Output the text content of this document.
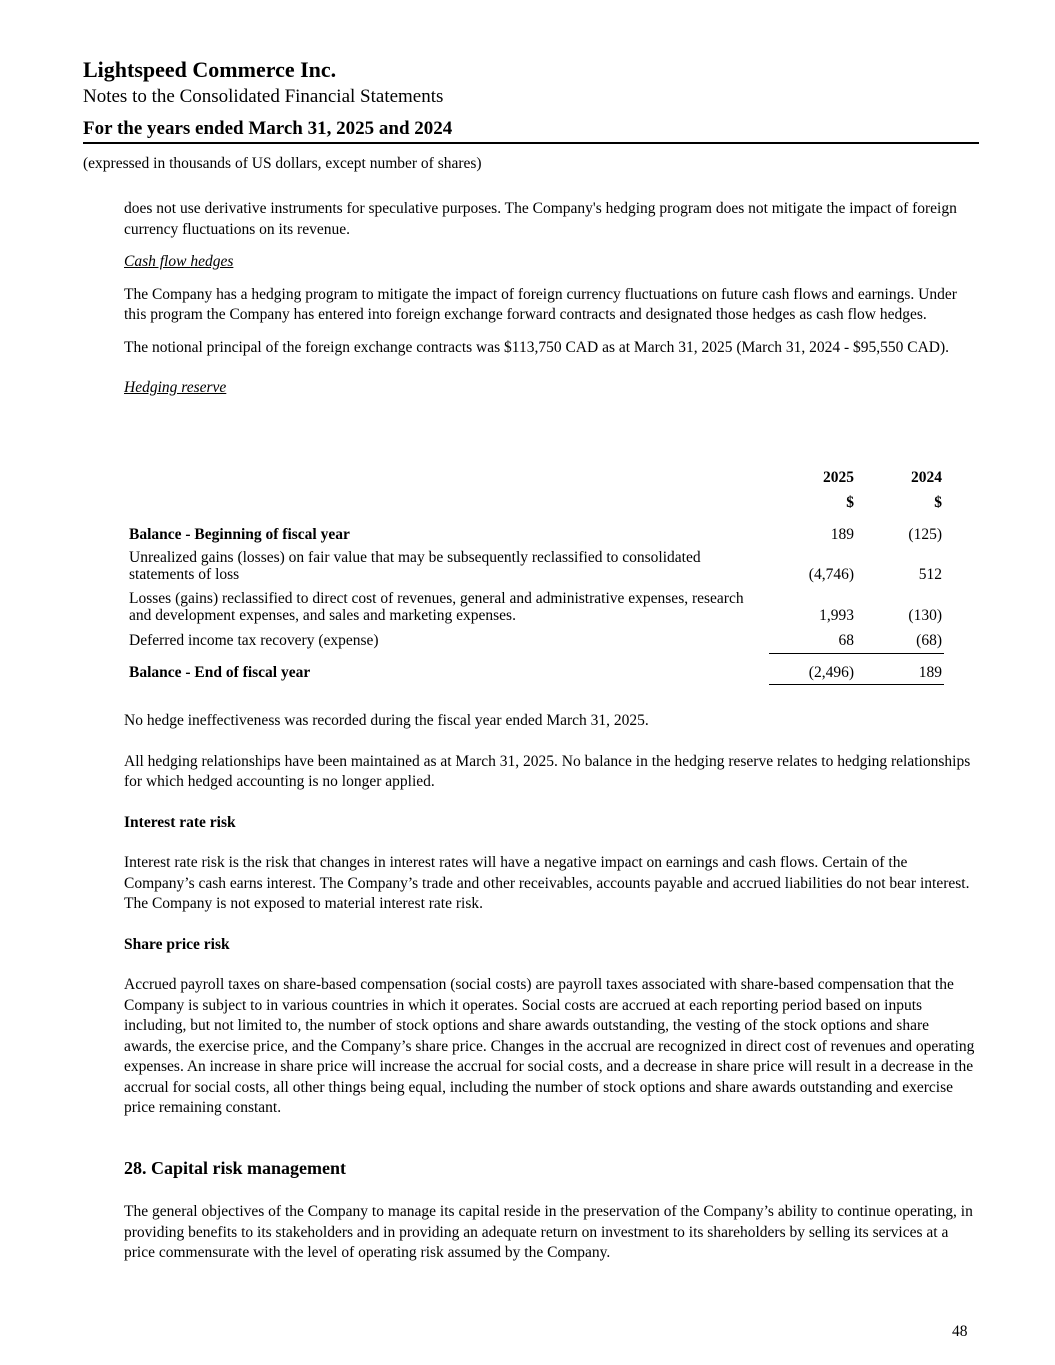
Lightspeed Commerce Inc.
Notes to the Consolidated Financial Statements
For the years ended March 31, 2025 and 2024
(expressed in thousands of US dollars, except number of shares)

does not use derivative instruments for speculative purposes. The Company's hedging program does not mitigate the impact of foreign currency fluctuations on its revenue.

Cash flow hedges

The Company has a hedging program to mitigate the impact of foreign currency fluctuations on future cash flows and earnings. Under this program the Company has entered into foreign exchange forward contracts and designated those hedges as cash flow hedges.

The notional principal of the foreign exchange contracts was $113,750 CAD as at March 31, 2025 (March 31, 2024 - $95,550 CAD).

Hedging reserve

2025	2024
$	$
Balance - Beginning of fiscal year	189	(125)
Unrealized gains (losses) on fair value that may be subsequently reclassified to consolidated statements of loss	(4,746)	512
Losses (gains) reclassified to direct cost of revenues, general and administrative expenses, research and development expenses, and sales and marketing expenses.	1,993	(130)
Deferred income tax recovery (expense)	68	(68)
Balance - End of fiscal year	(2,496)	189

No hedge ineffectiveness was recorded during the fiscal year ended March 31, 2025.

All hedging relationships have been maintained as at March 31, 2025. No balance in the hedging reserve relates to hedging relationships for which hedged accounting is no longer applied.

Interest rate risk

Interest rate risk is the risk that changes in interest rates will have a negative impact on earnings and cash flows. Certain of the Company’s cash earns interest. The Company’s trade and other receivables, accounts payable and accrued liabilities do not bear interest. The Company is not exposed to material interest rate risk.

Share price risk

Accrued payroll taxes on share-based compensation (social costs) are payroll taxes associated with share-based compensation that the Company is subject to in various countries in which it operates. Social costs are accrued at each reporting period based on inputs including, but not limited to, the number of stock options and share awards outstanding, the vesting of the stock options and share awards, the exercise price, and the Company’s share price. Changes in the accrual are recognized in direct cost of revenues and operating expenses. An increase in share price will increase the accrual for social costs, and a decrease in share price will result in a decrease in the accrual for social costs, all other things being equal, including the number of stock options and share awards outstanding and exercise price remaining constant.

28. Capital risk management

The general objectives of the Company to manage its capital reside in the preservation of the Company’s ability to continue operating, in providing benefits to its stakeholders and in providing an adequate return on investment to its shareholders by selling its services at a price commensurate with the level of operating risk assumed by the Company.

48
